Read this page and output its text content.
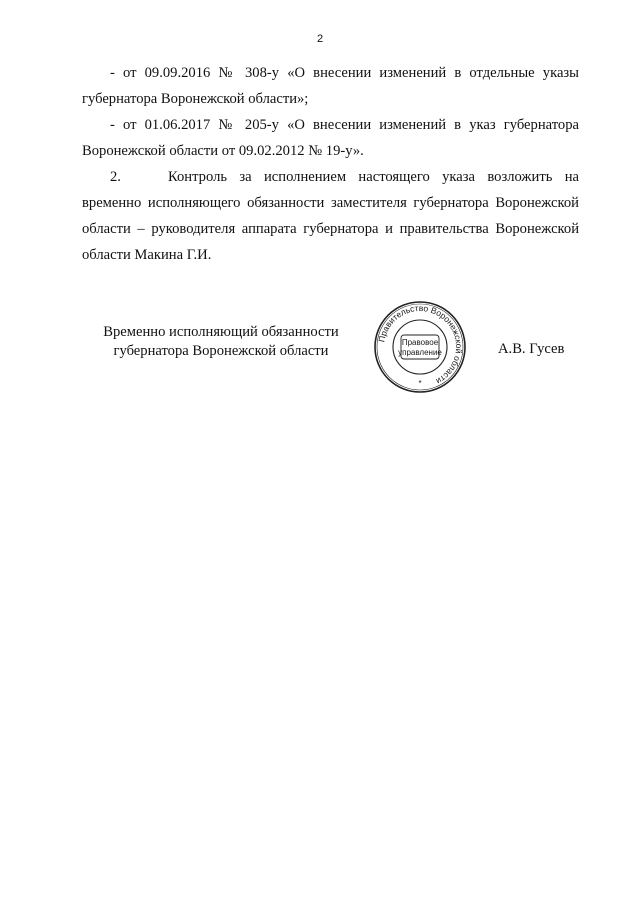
2
- от 09.09.2016 № 308-у «О внесении изменений в отдельные указы
губернатора Воронежской области»;
- от 01.06.2017 № 205-у «О внесении изменений в указ губернатора
Воронежской области от 09.02.2012 № 19-у».
2.	Контроль за исполнением настоящего указа возложить на
временно исполняющего обязанности заместителя губернатора Воронежской
области – руководителя аппарата губернатора и правительства Воронежской
области Макина Г.И.
Временно исполняющий обязанности
губернатора Воронежской области
Правительство Воронежской области
Правовое
управление
*
А.В. Гусев
